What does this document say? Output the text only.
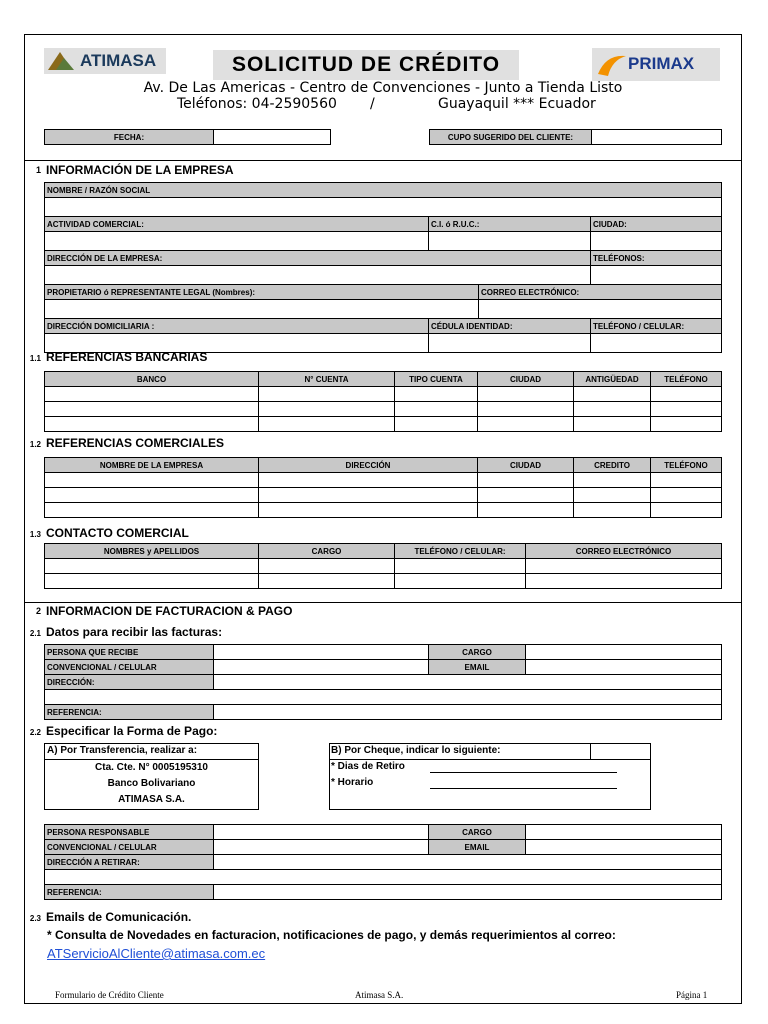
ATIMASA	SOLICITUD DE CRÉDITO	PRIMAX
Av. De Las Americas - Centro de Convenciones - Junto a Tienda Listo
Teléfonos: 04-2590560 /	Guayaquil *** Ecuador
FECHA:		CUPO SUGERIDO DEL CLIENTE:	
1 INFORMACIÓN DE LA EMPRESA
NOMBRE / RAZÓN SOCIAL			

ACTIVIDAD COMERCIAL:	C.I. ó R.U.C.:		CIUDAD:

DIRECCIÓN DE LA EMPRESA:			TELÉFONOS:

PROPIETARIO ó REPRESENTANTE LEGAL (Nombres):		CORREO ELECTRÓNICO:	

DIRECCIÓN DOMICILIARIA :	CÉDULA IDENTIDAD:		TELÉFONO / CELULAR:

1.1 REFERENCIAS BANCARIAS
BANCO	N° CUENTA	TIPO CUENTA	CIUDAD	ANTIGÜEDAD	TELÉFONO

1.2 REFERENCIAS COMERCIALES
NOMBRE DE LA EMPRESA	DIRECCIÓN	CIUDAD	CREDITO	TELÉFONO

1.3 CONTACTO COMERCIAL
NOMBRES y APELLIDOS	CARGO	TELÉFONO / CELULAR:	CORREO ELECTRÓNICO

2 INFORMACION DE FACTURACION & PAGO
2.1 Datos para recibir las facturas:
PERSONA QUE RECIBE		CARGO	
CONVENCIONAL / CELULAR		EMAIL	
DIRECCIÓN:			

REFERENCIA:			
2.2 Especificar la Forma de Pago:
A) Por Transferencia, realizar a:
Cta. Cte. N° 0005195310
Banco Bolivariano
ATIMASA S.A.
B) Por Cheque, indicar lo siguiente:
* Dias de Retiro
* Horario
PERSONA RESPONSABLE		CARGO	
CONVENCIONAL / CELULAR		EMAIL	
DIRECCIÓN A RETIRAR:			

REFERENCIA:			
2.3 Emails de Comunicación.
* Consulta de Novedades en facturacion, notificaciones de pago, y demás requerimientos al correo:
ATServicioAlCliente@atimasa.com.ec
Formulario de Crédito Cliente	Atimasa S.A.	Página 1
